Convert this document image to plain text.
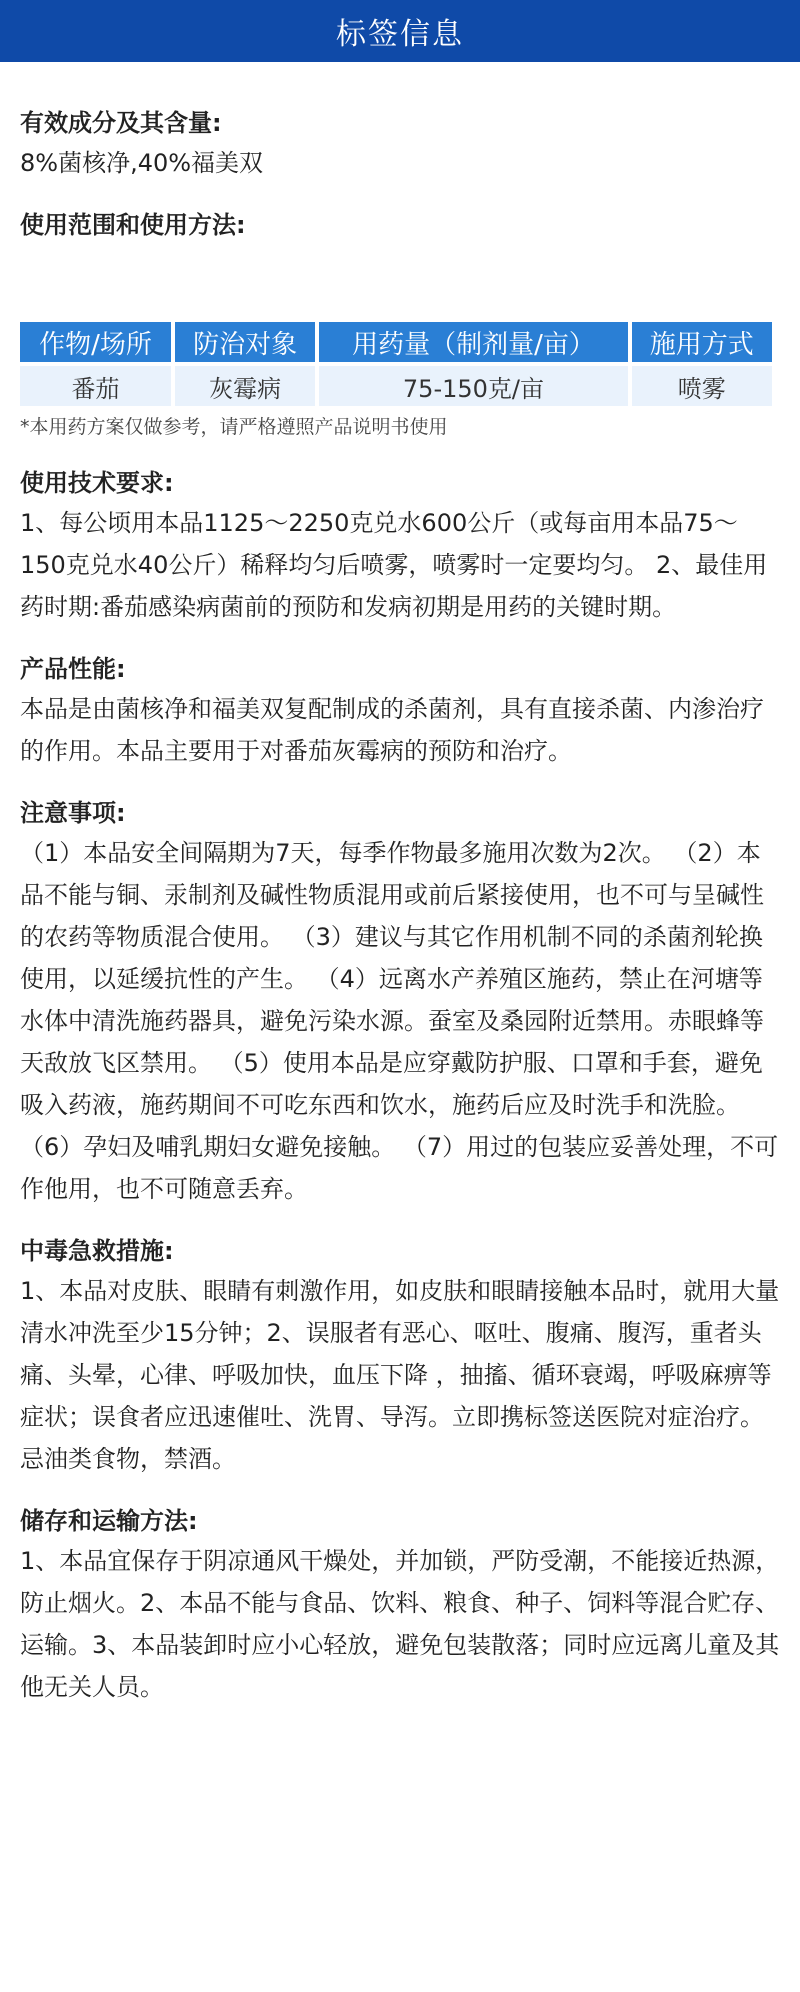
标签信息
有效成分及其含量:
8%菌核净,40%福美双
使用范围和使用方法:
作物/场所	防治对象	用药量（制剂量/亩）	施用方式
番茄	灰霉病	75-150克/亩	喷雾
*本用药方案仅做参考，请严格遵照产品说明书使用
使用技术要求:
1、每公顷用本品1125～2250克兑水600公斤（或每亩用本品75～150克兑水40公斤）稀释均匀后喷雾，喷雾时一定要均匀。 2、最佳用药时期:番茄感染病菌前的预防和发病初期是用药的关键时期。
产品性能:
本品是由菌核净和福美双复配制成的杀菌剂，具有直接杀菌、内渗治疗的作用。本品主要用于对番茄灰霉病的预防和治疗。
注意事项:
（1）本品安全间隔期为7天，每季作物最多施用次数为2次。 （2）本品不能与铜、汞制剂及碱性物质混用或前后紧接使用，也不可与呈碱性的农药等物质混合使用。 （3）建议与其它作用机制不同的杀菌剂轮换使用，以延缓抗性的产生。 （4）远离水产养殖区施药，禁止在河塘等水体中清洗施药器具，避免污染水源。蚕室及桑园附近禁用。赤眼蜂等天敌放飞区禁用。 （5）使用本品是应穿戴防护服、口罩和手套，避免吸入药液，施药期间不可吃东西和饮水，施药后应及时洗手和洗脸。 （6）孕妇及哺乳期妇女避免接触。 （7）用过的包装应妥善处理，不可作他用，也不可随意丢弃。
中毒急救措施:
1、本品对皮肤、眼睛有刺激作用，如皮肤和眼睛接触本品时，就用大量清水冲洗至少15分钟；2、误服者有恶心、呕吐、腹痛、腹泻，重者头痛、头晕，心律、呼吸加快，血压下降 ，抽搐、循环衰竭，呼吸麻痹等症状；误食者应迅速催吐、洗胃、导泻。立即携标签送医院对症治疗。忌油类食物，禁酒。
储存和运输方法:
1、本品宜保存于阴凉通风干燥处，并加锁，严防受潮，不能接近热源，防止烟火。2、本品不能与食品、饮料、粮食、种子、饲料等混合贮存、运输。3、本品装卸时应小心轻放，避免包装散落；同时应远离儿童及其他无关人员。
